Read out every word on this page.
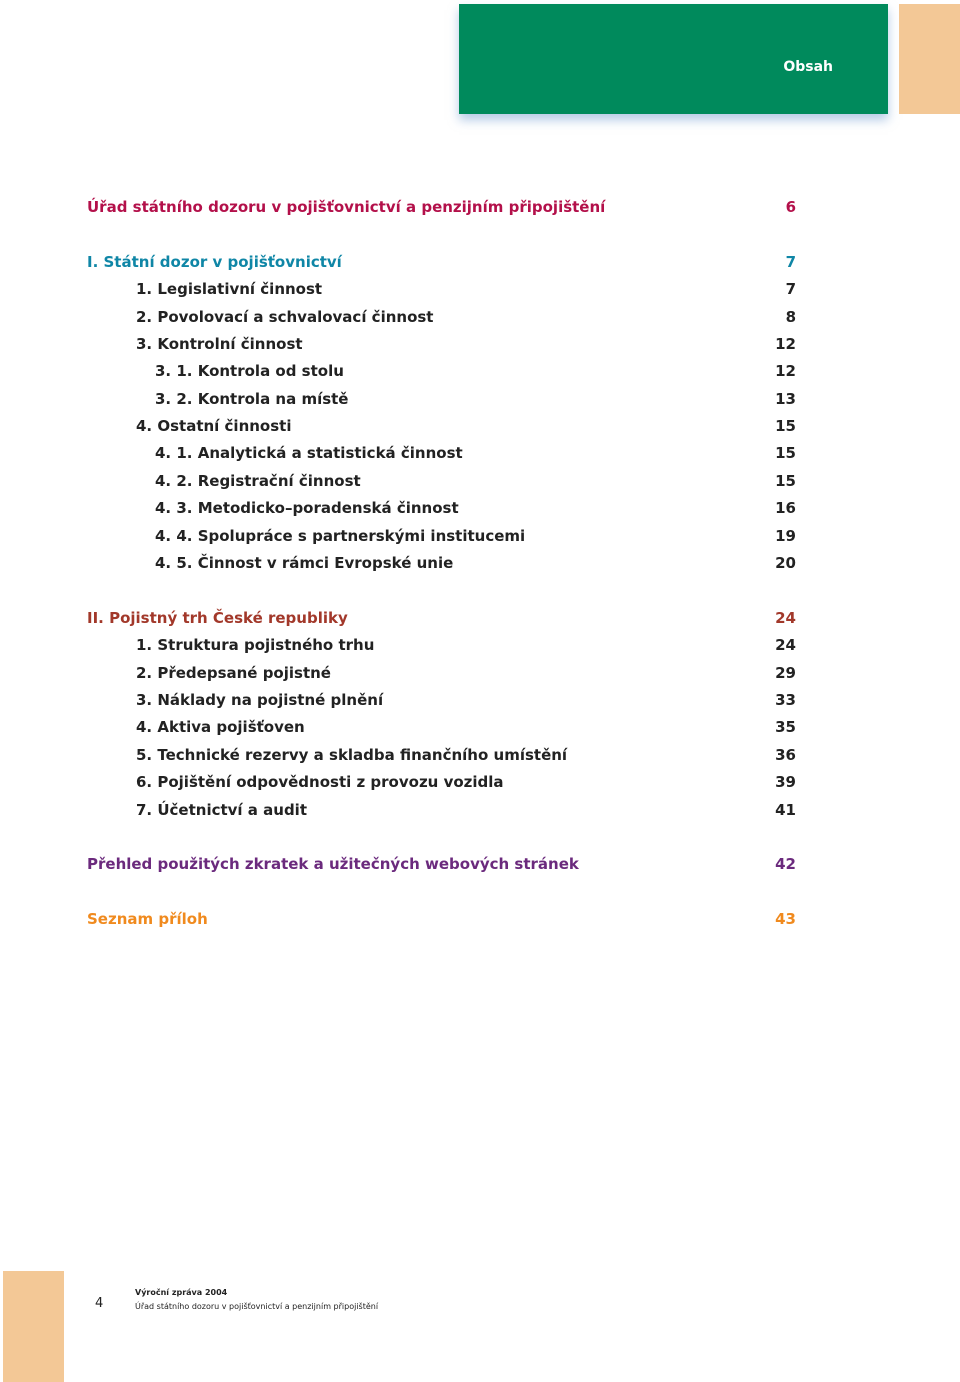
Obsah
Úřad státního dozoru v pojišťovnictví a penzijním připojištění	6
I. Státní dozor v pojišťovnictví	7
1. Legislativní činnost	7
2. Povolovací a schvalovací činnost	8
3. Kontrolní činnost	12
3. 1. Kontrola od stolu	12
3. 2. Kontrola na místě	13
4. Ostatní činnosti	15
4. 1. Analytická a statistická činnost	15
4. 2. Registrační činnost	15
4. 3. Metodicko–poradenská činnost	16
4. 4. Spolupráce s partnerskými institucemi	19
4. 5. Činnost v rámci Evropské unie	20
II. Pojistný trh České republiky	24
1. Struktura pojistného trhu	24
2. Předepsané pojistné	29
3. Náklady na pojistné plnění	33
4. Aktiva pojišťoven	35
5. Technické rezervy a skladba finančního umístění	36
6. Pojištění odpovědnosti z provozu vozidla	39
7. Účetnictví a audit	41
Přehled použitých zkratek a užitečných webových stránek	42
Seznam příloh	43
4
Výroční zpráva 2004
Úřad státního dozoru v pojišťovnictví a penzijním připojištění
